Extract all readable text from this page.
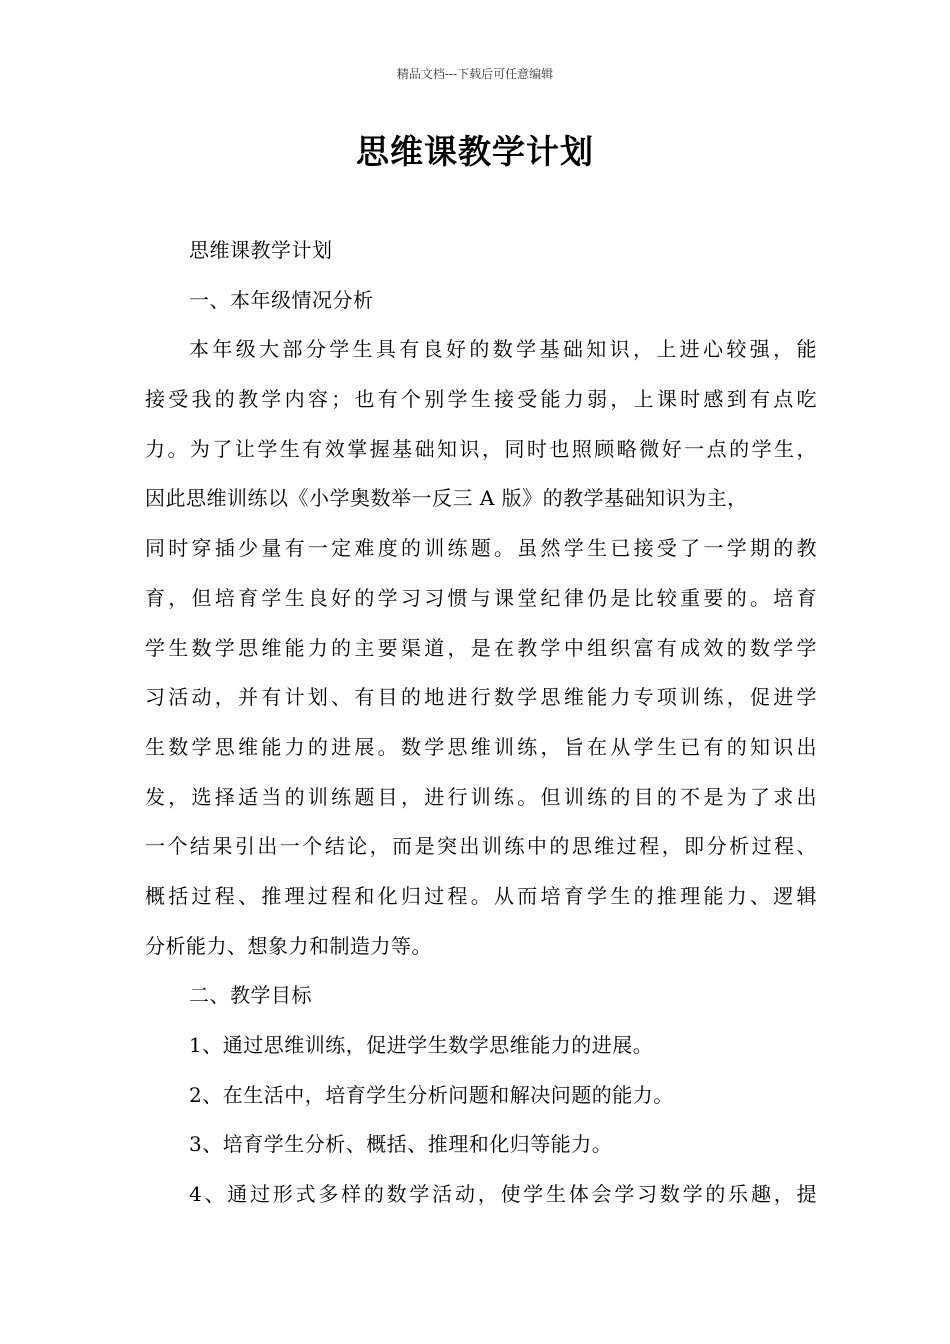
精品文档---下载后可任意编辑
思维课教学计划
思维课教学计划
一、本年级情况分析
本年级大部分学生具有良好的数学基础知识，上进心较强，能
接受我的教学内容；也有个别学生接受能力弱，上课时感到有点吃
力。为了让学生有效掌握基础知识，同时也照顾略微好一点的学生，
因此思维训练以《小学奥数举一反三 A 版》的教学基础知识为主，
同时穿插少量有一定难度的训练题。虽然学生已接受了一学期的教
育，但培育学生良好的学习习惯与课堂纪律仍是比较重要的。培育
学生数学思维能力的主要渠道，是在教学中组织富有成效的数学学
习活动，并有计划、有目的地进行数学思维能力专项训练，促进学
生数学思维能力的进展。数学思维训练，旨在从学生已有的知识出
发，选择适当的训练题目，进行训练。但训练的目的不是为了求出
一个结果引出一个结论，而是突出训练中的思维过程，即分析过程、
概括过程、推理过程和化归过程。从而培育学生的推理能力、逻辑
分析能力、想象力和制造力等。
二、教学目标
1、通过思维训练，促进学生数学思维能力的进展。
2、在生活中，培育学生分析问题和解决问题的能力。
3、培育学生分析、概括、推理和化归等能力。
4、通过形式多样的数学活动，使学生体会学习数学的乐趣，提
